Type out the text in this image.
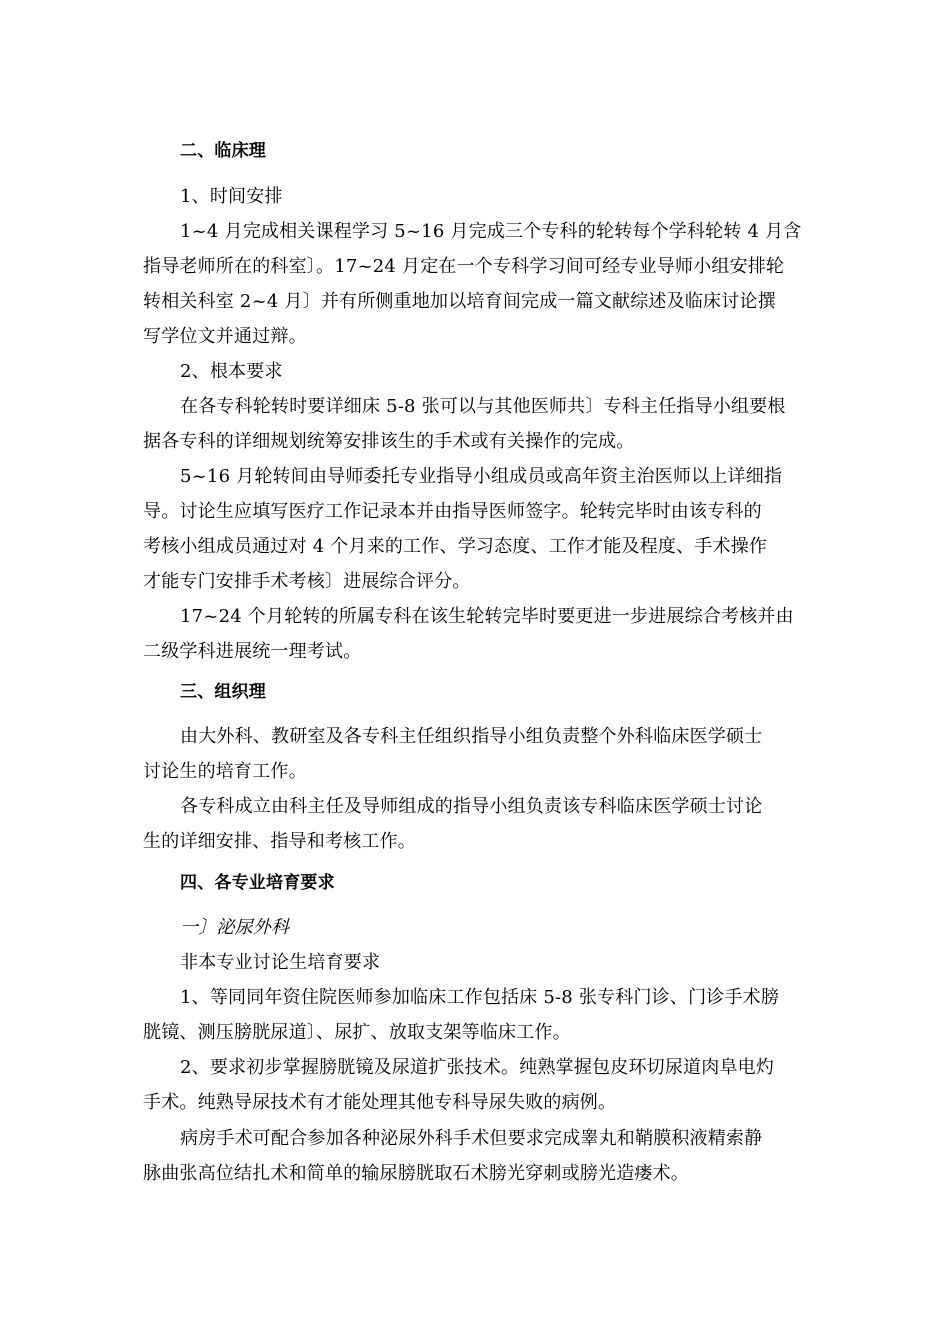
二、临床理
1、时间安排
1~4 月完成相关课程学习 5~16 月完成三个专科的轮转每个学科轮转 4 月含
指导老师所在的科室〕。17~24 月定在一个专科学习间可经专业导师小组安排轮
转相关科室 2~4 月〕并有所侧重地加以培育间完成一篇文献综述及临床讨论撰
写学位文并通过辩。
2、根本要求
在各专科轮转时要详细床 5-8 张可以与其他医师共〕专科主任指导小组要根
据各专科的详细规划统筹安排该生的手术或有关操作的完成。
5~16 月轮转间由导师委托专业指导小组成员或高年资主治医师以上详细指
导。讨论生应填写医疗工作记录本并由指导医师签字。轮转完毕时由该专科的
考核小组成员通过对 4 个月来的工作、学习态度、工作才能及程度、手术操作
才能专门安排手术考核〕进展综合评分。
17~24 个月轮转的所属专科在该生轮转完毕时要更进一步进展综合考核并由
二级学科进展统一理考试。
三、组织理
由大外科、教研室及各专科主任组织指导小组负责整个外科临床医学硕士
讨论生的培育工作。
各专科成立由科主任及导师组成的指导小组负责该专科临床医学硕士讨论
生的详细安排、指导和考核工作。
四、各专业培育要求
一〕泌尿外科
非本专业讨论生培育要求
1、等同同年资住院医师参加临床工作包括床 5-8 张专科门诊、门诊手术膀
胱镜、测压膀胱尿道〕、尿扩、放取支架等临床工作。
2、要求初步掌握膀胱镜及尿道扩张技术。纯熟掌握包皮环切尿道肉阜电灼
手术。纯熟导尿技术有才能处理其他专科导尿失败的病例。
病房手术可配合参加各种泌尿外科手术但要求完成睾丸和鞘膜积液精索静
脉曲张高位结扎术和简单的输尿膀胱取石术膀光穿刺或膀光造瘘术。
